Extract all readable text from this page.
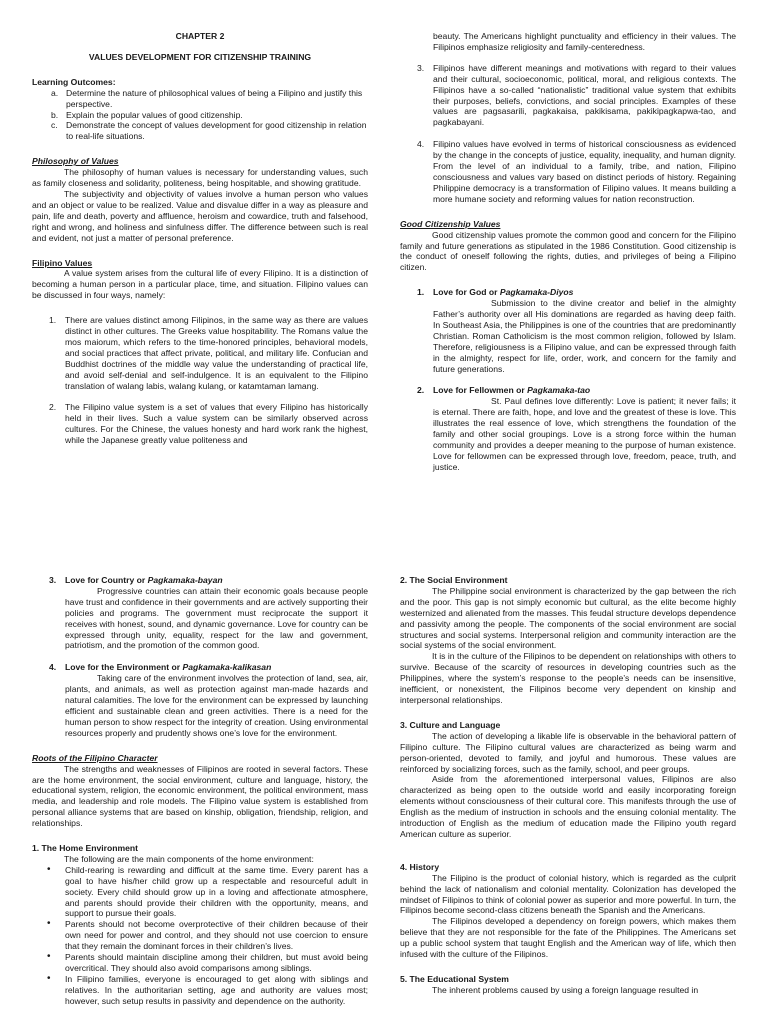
CHAPTER 2

VALUES DEVELOPMENT FOR CITIZENSHIP TRAINING

Learning Outcomes:

a. Determine the nature of philosophical values of being a Filipino and justify this perspective.
b. Explain the popular values of good citizenship.
c. Demonstrate the concept of values development for good citizenship in relation to real-life situations.

Philosophy of Values

The philosophy of human values is necessary for understanding values, such as family closeness and solidarity, politeness, being hospitable, and showing gratitude.

The subjectivity and objectivity of values involve a human person who values and an object or value to be realized. Value and disvalue differ in a way as pleasure and pain, life and death, poverty and affluence, heroism and cowardice, truth and falsehood, right and wrong, and holiness and sinfulness differ. The difference between such is real and evident, not just a matter of personal preference.

Filipino Values

A value system arises from the cultural life of every Filipino. It is a distinction of becoming a human person in a particular place, time, and situation. Filipino values can be discussed in four ways, namely:

1. There are values distinct among Filipinos, in the same way as there are values distinct in other cultures. The Greeks value hospitability. The Romans value the mos maiorum, which refers to the time-honored principles, behavioral models, and social practices that affect private, political, and military life. Confucian and Buddhist doctrines of the middle way value the understanding of practical life, and avoid self-denial and self-indulgence. It is an equivalent to the Filipino translation of walang labis, walang kulang, or katamtaman lamang.

2. The Filipino value system is a set of values that every Filipino has historically held in their lives. Such a value system can be similarly observed across cultures. For the Chinese, the values honesty and hard work rank the highest, while the Japanese greatly value politeness and

beauty. The Americans highlight punctuality and efficiency in their values. The Filipinos emphasize religiosity and family-centeredness.

3. Filipinos have different meanings and motivations with regard to their values and their cultural, socioeconomic, political, moral, and religious contexts. The Filipinos have a so-called “nationalistic” traditional value system that exhibits their purposes, beliefs, convictions, and social principles. Examples of these values are pagsasarili, pagkakaisa, pakikisama, pakikipagkapwa-tao, and pagkabayani.

4. Filipino values have evolved in terms of historical consciousness as evidenced by the change in the concepts of justice, equality, inequality, and human dignity. From the level of an individual to a family, tribe, and nation, Filipino consciousness and values vary based on distinct periods of history. Regaining Philippine democracy is a transformation of Filipino values. It means building a more humane society and reforming values for nation reconstruction.

Good Citizenship Values

Good citizenship values promote the common good and concern for the Filipino family and future generations as stipulated in the 1986 Constitution. Good citizenship is the conduct of oneself following the rights, duties, and privileges of being a Filipino citizen.

1. Love for God or Pagkamaka-Diyos

Submission to the divine creator and belief in the almighty Father’s authority over all His dominations are regarded as having deep faith. In Southeast Asia, the Philippines is one of the countries that are predominantly Christian. Roman Catholicism is the most common religion, followed by Islam. Therefore, religiousness is a Filipino value, and can be expressed through faith in the almighty, respect for life, order, work, and concern for the family and future generations.

2. Love for Fellowmen or Pagkamaka-tao

St. Paul defines love differently: Love is patient; it never fails; it is eternal. There are faith, hope, and love and the greatest of these is love. This illustrates the real essence of love, which strengthens the foundation of the family and other social groupings. Love is a strong force within the human community and provides a deeper meaning to the purpose of human existence. Love for fellowmen can be expressed through love, freedom, peace, truth, and justice.

3. Love for Country or Pagkamaka-bayan

Progressive countries can attain their economic goals because people have trust and confidence in their governments and are actively supporting their policies and programs. The government must reciprocate the support it receives with honest, sound, and dynamic governance. Love for country can be expressed through unity, equality, respect for the law and government, patriotism, and the promotion of the common good.

4. Love for the Environment or Pagkamaka-kalikasan

Taking care of the environment involves the protection of land, sea, air, plants, and animals, as well as protection against man-made hazards and natural calamities. The love for the environment can be expressed by launching efficient and sustainable clean and green activities. There is a need for the human person to show respect for the integrity of creation. Using environmental resources properly and prudently shows one’s love for the environment.

Roots of the Filipino Character

The strengths and weaknesses of Filipinos are rooted in several factors. These are the home environment, the social environment, culture and language, history, the educational system, religion, the economic environment, the political environment, mass media, and leadership and role models. The Filipino value system is established from personal alliance systems that are based on kinship, obligation, friendship, religion, and relationships.

1. The Home Environment

The following are the main components of the home environment:

• Child-rearing is rewarding and difficult at the same time. Every parent has a goal to have his/her child grow up a respectable and resourceful adult in society. Every child should grow up in a loving and affectionate atmosphere, and parents should provide their children with the opportunity, means, and support to pursue their goals.
• Parents should not become overprotective of their children because of their own need for power and control, and they should not use coercion to ensure that they remain the dominant forces in their children’s lives.
• Parents should maintain discipline among their children, but must avoid being overcritical. They should also avoid comparisons among siblings.
• In Filipino families, everyone is encouraged to get along with siblings and relatives. In the authoritarian setting, age and authority are values most; however, such setup results in passivity and dependence on the authority.

2. The Social Environment

The Philippine social environment is characterized by the gap between the rich and the poor. This gap is not simply economic but cultural, as the elite become highly westernized and alienated from the masses. This feudal structure develops dependence and passivity among the people. The components of the social environment are social structures and social systems. Interpersonal religion and community interaction are the social systems of the social environment.

It is in the culture of the Filipinos to be dependent on relationships with others to survive. Because of the scarcity of resources in developing countries such as the Philippines, where the system’s response to the people’s needs can be insensitive, inefficient, or nonexistent, the Filipinos become very dependent on kinship and interpersonal relationships.

3. Culture and Language

The action of developing a likable life is observable in the behavioral pattern of Filipino culture. The Filipino cultural values are characterized as being warm and person-oriented, devoted to family, and joyful and humorous. These values are reinforced by socializing forces, such as the family, school, and peer groups.

Aside from the aforementioned interpersonal values, Filipinos are also characterized as being open to the outside world and easily incorporating foreign elements without consciousness of their cultural core. This manifests through the use of English as the medium of instruction in schools and the ensuing colonial mentality. The introduction of English as the medium of education made the Filipino youth regard American culture as superior.

4. History

The Filipino is the product of colonial history, which is regarded as the culprit behind the lack of nationalism and colonial mentality. Colonization has developed the mindset of Filipinos to think of colonial power as superior and more powerful. In turn, the Filipinos become second-class citizens beneath the Spanish and the Americans.

The Filipinos developed a dependency on foreign powers, which makes them believe that they are not responsible for the fate of the Philippines. The Americans set up a public school system that taught English and the American way of life, which then infused with the culture of the Filipinos.

5. The Educational System

The inherent problems caused by using a foreign language resulted in
